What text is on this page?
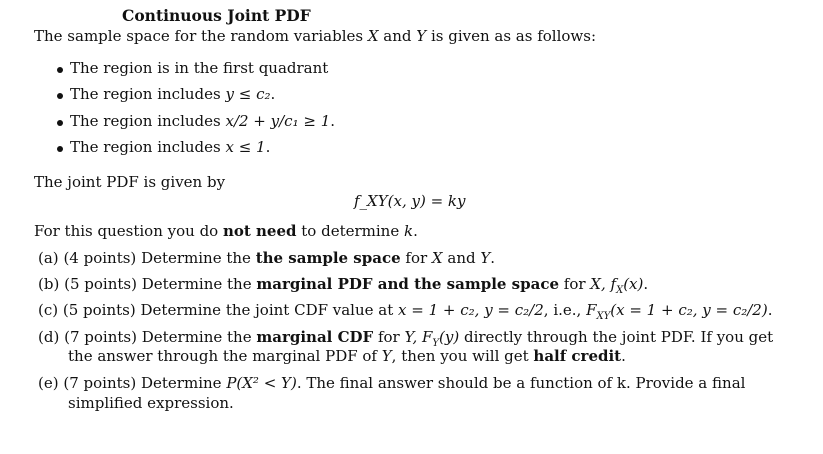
Continuous Joint PDF
The sample space for the random variables X and Y is given as as follows:
The region is in the first quadrant
The region includes y ≤ c₂.
The region includes x/2 + y/c₁ ≥ 1.
The region includes x ≤ 1.
The joint PDF is given by
f_XY(x, y) = ky
For this question you do not need to determine k.
(a) (4 points) Determine the the sample space for X and Y.
(b) (5 points) Determine the marginal PDF and the sample space for X, $f_X(x)$.
(c) (5 points) Determine the joint CDF value at x = 1 + c₂, y = c₂/2, i.e., $F_{XY}(x = 1 + c_2$, y = c₂/2).
(d) (7 points) Determine the marginal CDF for Y, $F_Y(y)$ directly through the joint PDF. If you get
the answer through the marginal PDF of Y, then you will get half credit.
(e) (7 points) Determine P(X² < Y). The final answer should be a function of k. Provide a final
simplified expression.
